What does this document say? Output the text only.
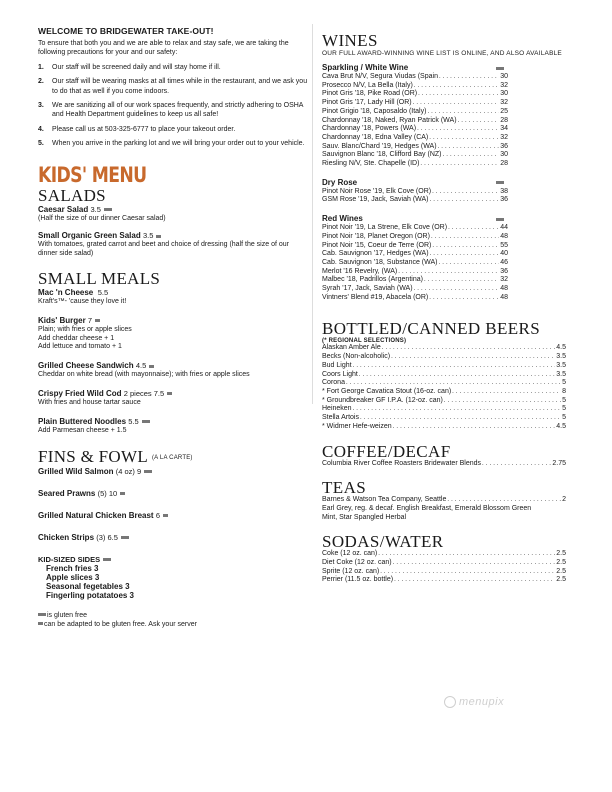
WELCOME TO BRIDGEWATER TAKE-OUT!
To ensure that both you and we are able to relax and stay safe, we are taking the following precautions for your and our safety:
1. Our staff will be screened daily and will stay home if ill.
2. Our staff will be wearing masks at all times while in the restaurant, and we ask you to do that as well if you come indoors.
3. We are sanitizing all of our work spaces frequently, and strictly adhering to OSHA and Health Department guidelines to keep us all safe!
4. Please call us at 503-325-6777 to place your takeout order.
5. When you arrive in the parking lot and we will bring your order out to your vehicle.
KIDS' MENU
SALADS
Caesar Salad 3.5
(Half the size of our dinner Caesar salad)
Small Organic Green Salad 3.5
With tomatoes, grated carrot and beet and choice of dressing (half the size of our dinner side salad)
SMALL MEALS
Mac 'n Cheese 5.5
Kraft's™- 'cause they love it!
Kids' Burger 7
Plain; with fries or apple slices
Add cheddar cheese + 1
Add lettuce and tomato + 1
Grilled Cheese Sandwich 4.5
Cheddar on white bread (with mayonnaise); with fries or apple slices
Crispy Fried Wild Cod 2 pieces 7.5
With fries and house tartar sauce
Plain Buttered Noodles 5.5
Add Parmesan cheese + 1.5
FINS & FOWL (A LA CARTE)
Grilled Wild Salmon (4 oz) 9
Seared Prawns (5) 10
Grilled Natural Chicken Breast 6
Chicken Strips (3) 6.5
KID-SIZED SIDES
French fries 3
Apple slices 3
Seasonal fegetables 3
Fingerling potatatoes 3
is gluten free
can be adapted to be gluten free. Ask your server
WINES
OUR FULL AWARD-WINNING WINE LIST IS ONLINE, AND ALSO AVAILABLE
Sparkling / White Wine
Cava Brut N/V, Segura Viudas (Spain . . .	30
Prosecco N/V, La Bella (Italy) . . .	32
Pinot Gris '18, Pike Road (OR) . . .	30
Pinot Gris '17, Lady Hill (OR) . . .	32
Pinot Grigio '18, Caposaldo (Italy) . . .	25
Chardonnay '18, Naked, Ryan Patrick (WA) . . .	28
Chardonnay '18, Powers (WA) . . .	34
Chardonnay '18, Edna Valley (CA) . . .	32
Sauv. Blanc/Chard '19, Hedges (WA) . . .	36
Sauvignon Blanc '18, Clifford Bay (NZ) . . .	30
Riesling N/V, Ste. Chapelle (ID) . . .	28
Dry Rose
Pinot Noir Rose '19, Elk Cove (OR) . . .	38
GSM Rose '19, Jack, Saviah (WA) . . .	36
Red Wines
Pinot Noir '19, La Strene, Elk Cove (OR) . . .	44
Pinot Noir '18, Planet Oregon (OR) . . .	48
Pinot Noir '15, Coeur de Terre (OR) . . .	55
Cab. Sauvignon '17, Hedges (WA) . . .	40
Cab. Sauvignon '18, Substance (WA) . . .	46
Merlot '16 Revelry, (WA) . . .	36
Malbec '18, Padrillos (Argentina) . . .	32
Syrah '17, Jack, Saviah (WA) . . .	48
Vintners' Blend #19, Abacela (OR) . . .	48
BOTTLED/CANNED BEERS
(* REGIONAL SELECTIONS)
Alaskan Amber Ale . . .	4.5
Becks (Non-alcoholic) . . .	3.5
Bud Light . . .	3.5
Coors Light . . .	3.5
Corona . . .	5
* Fort George Cavatica Stout (16-oz. can) . . .	8
* Groundbreaker GF I.P.A. (12-oz. can) . . .	5
Heineken . . .	5
Stella Artois . . .	5
* Widmer Hefe-weizen . . .	4.5
COFFEE/DECAF
Columbia River Coffee Roasters Bridewater Blends . . .	2.75
TEAS
Barnes & Watson Tea Company, Seattle . . .	2
Earl Grey, reg. & decaf. English Breakfast, Emerald Blossom Green
Mint, Star Spangled Herbal
SODAS/WATER
Coke (12 oz. can) . . .	2.5
Diet Coke (12 oz. can) . . .	2.5
Sprite (12 oz. can) . . .	2.5
Perrier (11.5 oz. bottle) . . .	2.5
menupix
